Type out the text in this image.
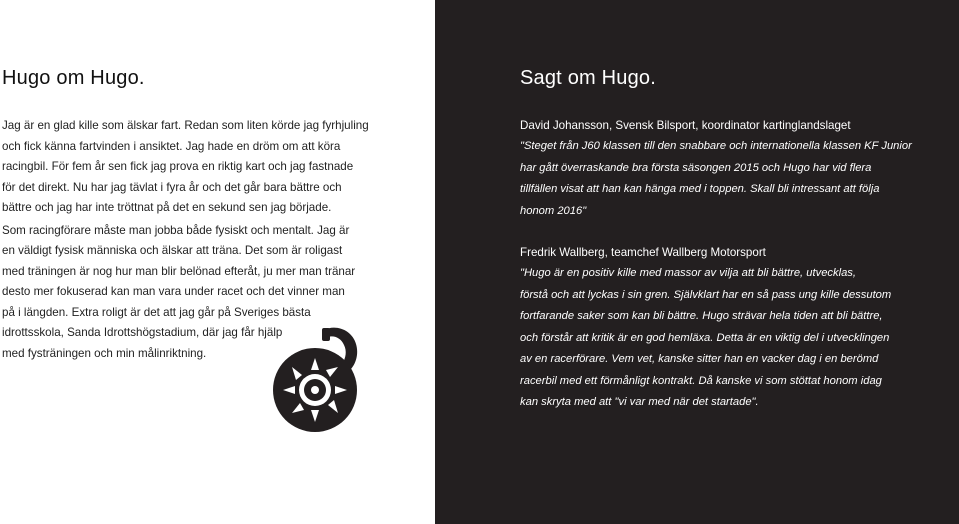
Hugo om Hugo.
Jag är en glad kille som älskar fart. Redan som liten körde jag fyrhjuling
och fick känna fartvinden i ansiktet. Jag hade en dröm om att köra
racingbil. För fem år sen fick jag prova en riktig kart och jag fastnade
för det direkt. Nu har jag tävlat i fyra år och det går bara bättre och
bättre och jag har inte tröttnat på det en sekund sen jag började.
Som racingförare måste man jobba både fysiskt och mentalt. Jag är
en väldigt fysisk människa och älskar att träna. Det som är roligast
med träningen är nog hur man blir belönad efteråt, ju mer man tränar
desto mer fokuserad kan man vara under racet och det vinner man
på i längden. Extra roligt är det att jag går på Sveriges bästa
idrottsskola, Sanda Idrottshögstadium, där jag får hjälp
med fysträningen och min målinriktning.
Sagt om Hugo.
David Johansson, Svensk Bilsport, koordinator kartinglandslaget
"Steget från J60 klassen till den snabbare och internationella klassen KF Junior
har gått överraskande bra första säsongen 2015 och Hugo har vid flera
tillfällen visat att han kan hänga med i toppen. Skall bli intressant att följa
honom 2016"
Fredrik Wallberg, teamchef Wallberg Motorsport
"Hugo är en positiv kille med massor av vilja att bli bättre, utvecklas,
förstå och att lyckas i sin gren. Självklart har en så pass ung kille dessutom
fortfarande saker som kan bli bättre. Hugo strävar hela tiden att bli bättre,
och förstår att kritik är en god hemläxa. Detta är en viktig del i utvecklingen
av en racerförare. Vem vet, kanske sitter han en vacker dag i en berömd
racerbil med ett förmånligt kontrakt. Då kanske vi som stöttat honom idag
kan skryta med att "vi var med när det startade".
